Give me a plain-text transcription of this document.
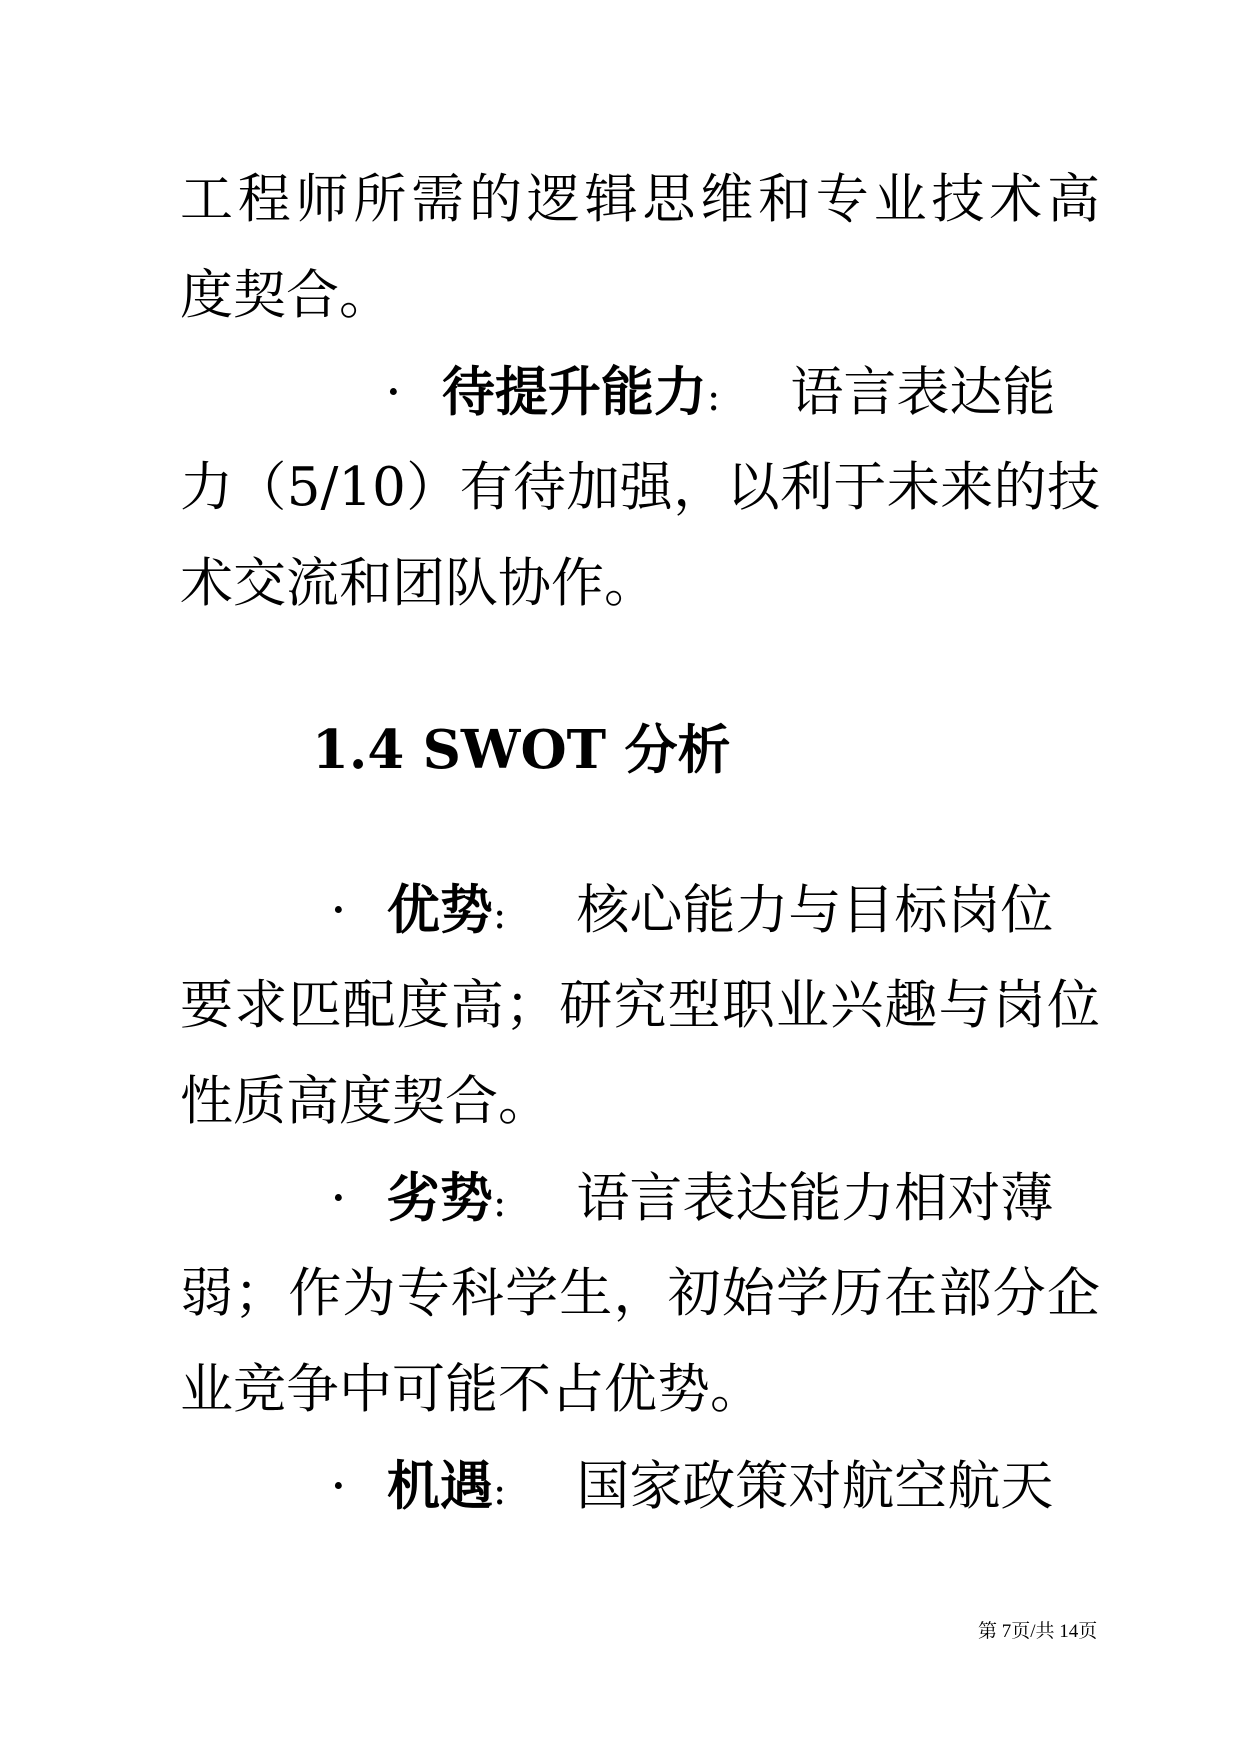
工程师所需的逻辑思维和专业技术高
度契合。
· 待提升能力: 语言表达能
力（5/10）有待加强，以利于未来的技
术交流和团队协作。
1.4 SWOT 分析
· 优势: 核心能力与目标岗位
要求匹配度高；研究型职业兴趣与岗位
性质高度契合。
· 劣势: 语言表达能力相对薄
弱；作为专科学生，初始学历在部分企
业竞争中可能不占优势。
· 机遇: 国家政策对航空航天
第 7页/共 14页
